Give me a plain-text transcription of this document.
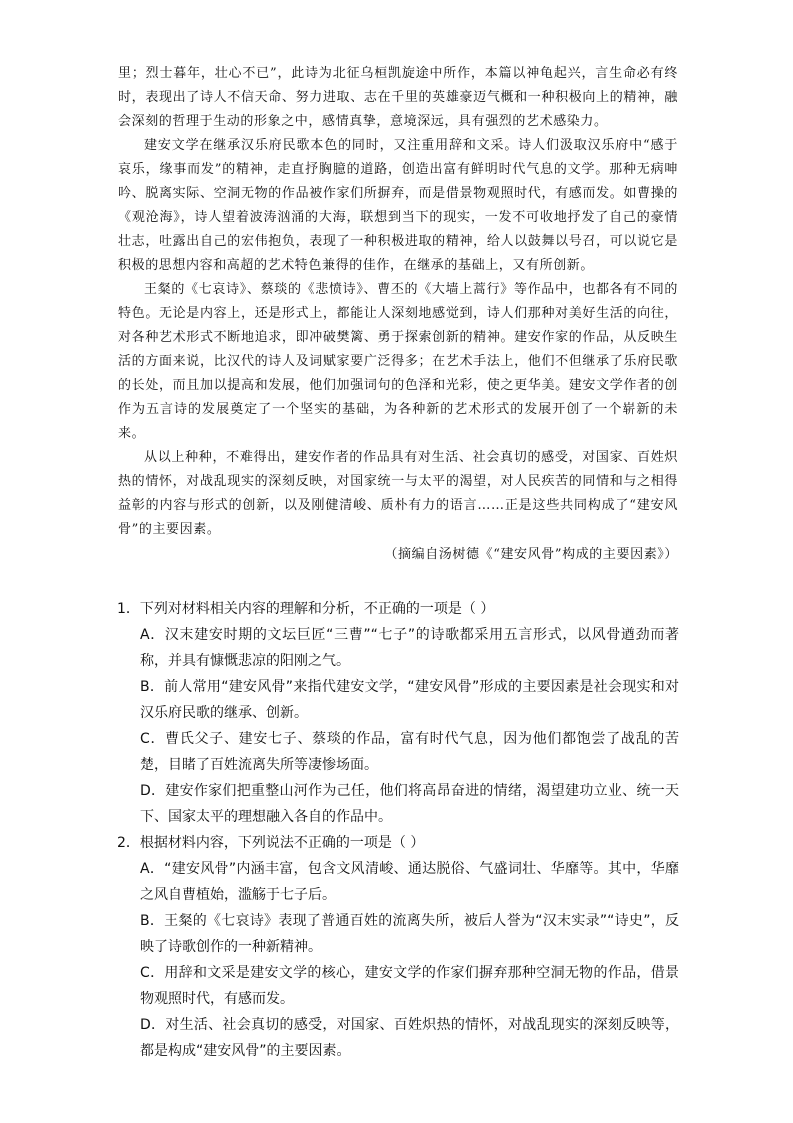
里；烈士暮年，壮心不已”，此诗为北征乌桓凯旋途中所作，本篇以神龟起兴，言生命必有终时，表现出了诗人不信天命、努力进取、志在千里的英雄豪迈气概和一种积极向上的精神，融会深刻的哲理于生动的形象之中，感情真挚，意境深远，具有强烈的艺术感染力。

建安文学在继承汉乐府民歌本色的同时，又注重用辞和文采。诗人们汲取汉乐府中“感于哀乐，缘事而发”的精神，走直抒胸臆的道路，创造出富有鲜明时代气息的文学。那种无病呻吟、脱离实际、空洞无物的作品被作家们所摒弃，而是借景物观照时代，有感而发。如曹操的《观沧海》，诗人望着波涛汹涌的大海，联想到当下的现实，一发不可收地抒发了自己的豪情壮志，吐露出自己的宏伟抱负，表现了一种积极进取的精神，给人以鼓舞以号召，可以说它是积极的思想内容和高超的艺术特色兼得的佳作，在继承的基础上，又有所创新。

王粲的《七哀诗》、蔡琰的《悲愤诗》、曹丕的《大墙上蒿行》等作品中，也都各有不同的特色。无论是内容上，还是形式上，都能让人深刻地感觉到，诗人们那种对美好生活的向往，对各种艺术形式不断地追求，即冲破樊篱、勇于探索创新的精神。建安作家的作品，从反映生活的方面来说，比汉代的诗人及词赋家要广泛得多；在艺术手法上，他们不但继承了乐府民歌的长处，而且加以提高和发展，他们加强词句的色泽和光彩，使之更华美。建安文学作者的创作为五言诗的发展奠定了一个坚实的基础，为各种新的艺术形式的发展开创了一个崭新的未来。

从以上种种，不难得出，建安作者的作品具有对生活、社会真切的感受，对国家、百姓炽热的情怀，对战乱现实的深刻反映，对国家统一与太平的渴望，对人民疾苦的同情和与之相得益彰的内容与形式的创新，以及刚健清峻、质朴有力的语言……正是这些共同构成了“建安风骨”的主要因素。

（摘编自汤树德《“建安风骨”构成的主要因素》）

1．下列对材料相关内容的理解和分析，不正确的一项是（ ）

A．汉末建安时期的文坛巨匠“三曹”“七子”的诗歌都采用五言形式，以风骨遒劲而著称，并具有慷慨悲凉的阳刚之气。

B．前人常用“建安风骨”来指代建安文学，“建安风骨”形成的主要因素是社会现实和对汉乐府民歌的继承、创新。

C．曹氏父子、建安七子、蔡琰的作品，富有时代气息，因为他们都饱尝了战乱的苦楚，目睹了百姓流离失所等凄惨场面。

D．建安作家们把重整山河作为己任，他们将高昂奋进的情绪，渴望建功立业、统一天下、国家太平的理想融入各自的作品中。

2．根据材料内容，下列说法不正确的一项是（ ）

A．“建安风骨”内涵丰富，包含文风清峻、通达脱俗、气盛词壮、华靡等。其中，华靡之风自曹植始，滥觞于七子后。

B．王粲的《七哀诗》表现了普通百姓的流离失所，被后人誉为“汉末实录”“诗史”，反映了诗歌创作的一种新精神。

C．用辞和文采是建安文学的核心，建安文学的作家们摒弃那种空洞无物的作品，借景物观照时代，有感而发。

D．对生活、社会真切的感受，对国家、百姓炽热的情怀，对战乱现实的深刻反映等，都是构成“建安风骨”的主要因素。
